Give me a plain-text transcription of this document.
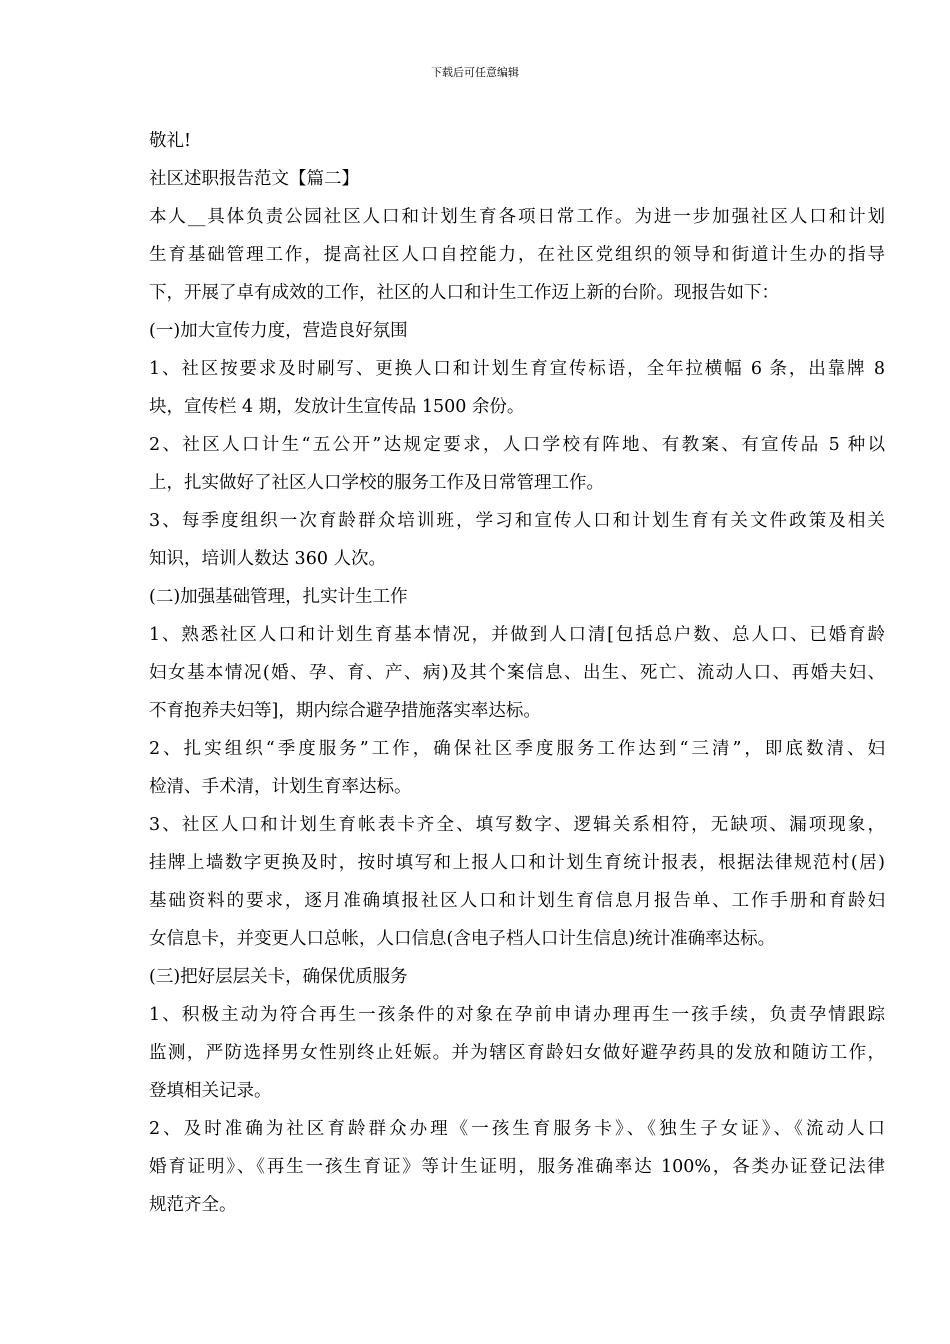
下载后可任意编辑
敬礼!
社区述职报告范文【篇二】
本人__具体负责公园社区人口和计划生育各项日常工作。为进一步加强社区人口和计划
生育基础管理工作，提高社区人口自控能力，在社区党组织的领导和街道计生办的指导
下，开展了卓有成效的工作，社区的人口和计生工作迈上新的台阶。现报告如下：
(一)加大宣传力度，营造良好氛围
1、社区按要求及时刷写、更换人口和计划生育宣传标语，全年拉横幅 6 条，出靠牌 8
块，宣传栏 4 期，发放计生宣传品 1500 余份。
2、社区人口计生“五公开”达规定要求，人口学校有阵地、有教案、有宣传品 5 种以
上，扎实做好了社区人口学校的服务工作及日常管理工作。
3、每季度组织一次育龄群众培训班，学习和宣传人口和计划生育有关文件政策及相关
知识，培训人数达 360 人次。
(二)加强基础管理，扎实计生工作
1、熟悉社区人口和计划生育基本情况，并做到人口清[包括总户数、总人口、已婚育龄
妇女基本情况(婚、孕、育、产、病)及其个案信息、出生、死亡、流动人口、再婚夫妇、
不育抱养夫妇等]，期内综合避孕措施落实率达标。
2、扎实组织“季度服务”工作，确保社区季度服务工作达到“三清”，即底数清、妇
检清、手术清，计划生育率达标。
3、社区人口和计划生育帐表卡齐全、填写数字、逻辑关系相符，无缺项、漏项现象，
挂牌上墙数字更换及时，按时填写和上报人口和计划生育统计报表，根据法律规范村(居)
基础资料的要求，逐月准确填报社区人口和计划生育信息月报告单、工作手册和育龄妇
女信息卡，并变更人口总帐，人口信息(含电子档人口计生信息)统计准确率达标。
(三)把好层层关卡，确保优质服务
1、积极主动为符合再生一孩条件的对象在孕前申请办理再生一孩手续，负责孕情跟踪
监测，严防选择男女性别终止妊娠。并为辖区育龄妇女做好避孕药具的发放和随访工作，
登填相关记录。
2、及时准确为社区育龄群众办理《一孩生育服务卡》、《独生子女证》、《流动人口
婚育证明》、《再生一孩生育证》等计生证明，服务准确率达 100%，各类办证登记法律
规范齐全。
